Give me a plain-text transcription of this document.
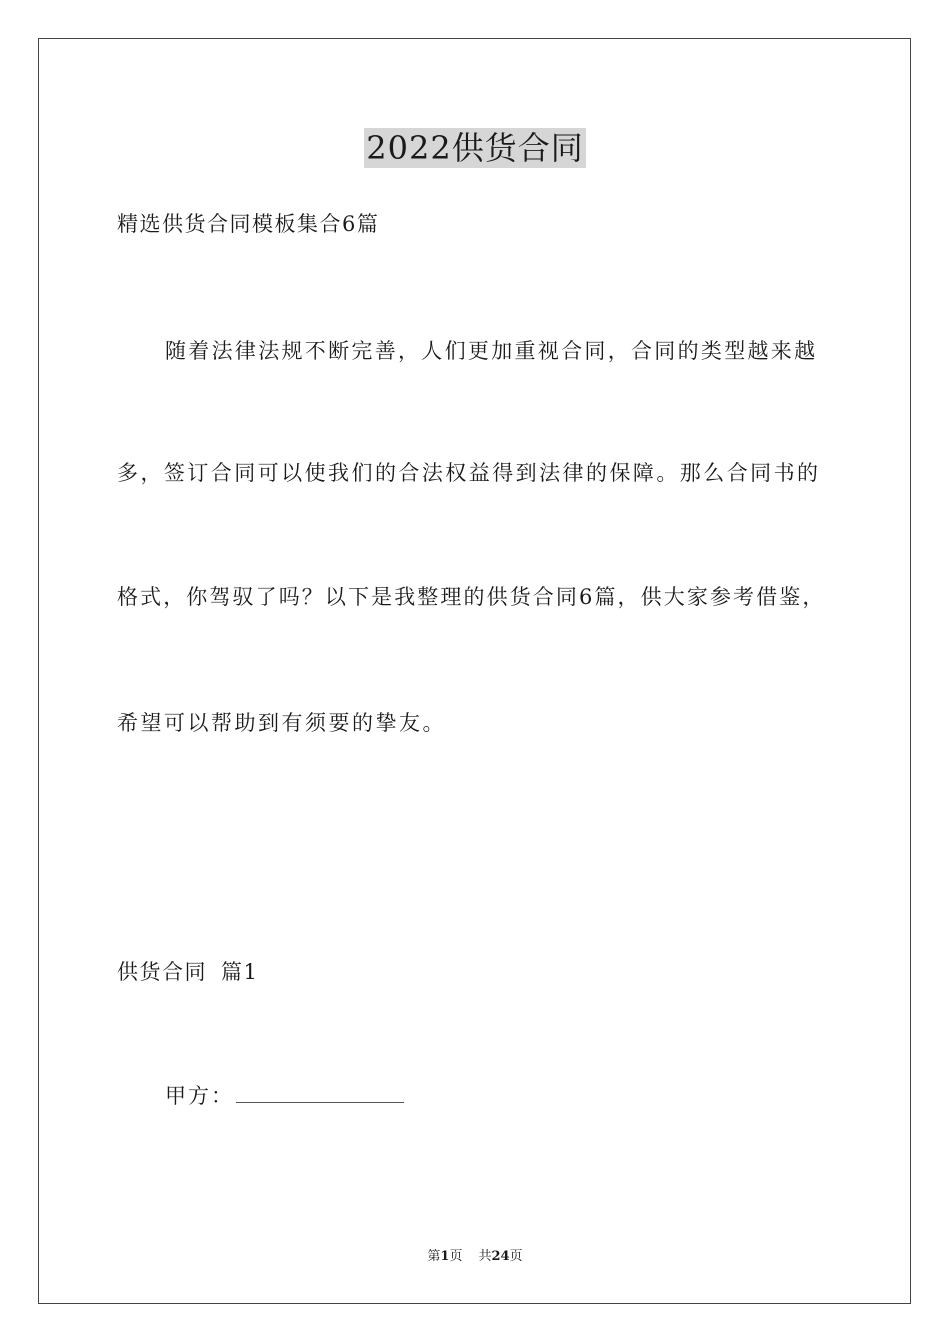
2022供货合同

精选供货合同模板集合6篇

随着法律法规不断完善，人们更加重视合同，合同的类型越来越

多，签订合同可以使我们的合法权益得到法律的保障。那么合同书的

格式，你驾驭了吗？以下是我整理的供货合同6篇，供大家参考借鉴，

希望可以帮助到有须要的挚友。

供货合同 篇1

甲方：

第1页 共24页
